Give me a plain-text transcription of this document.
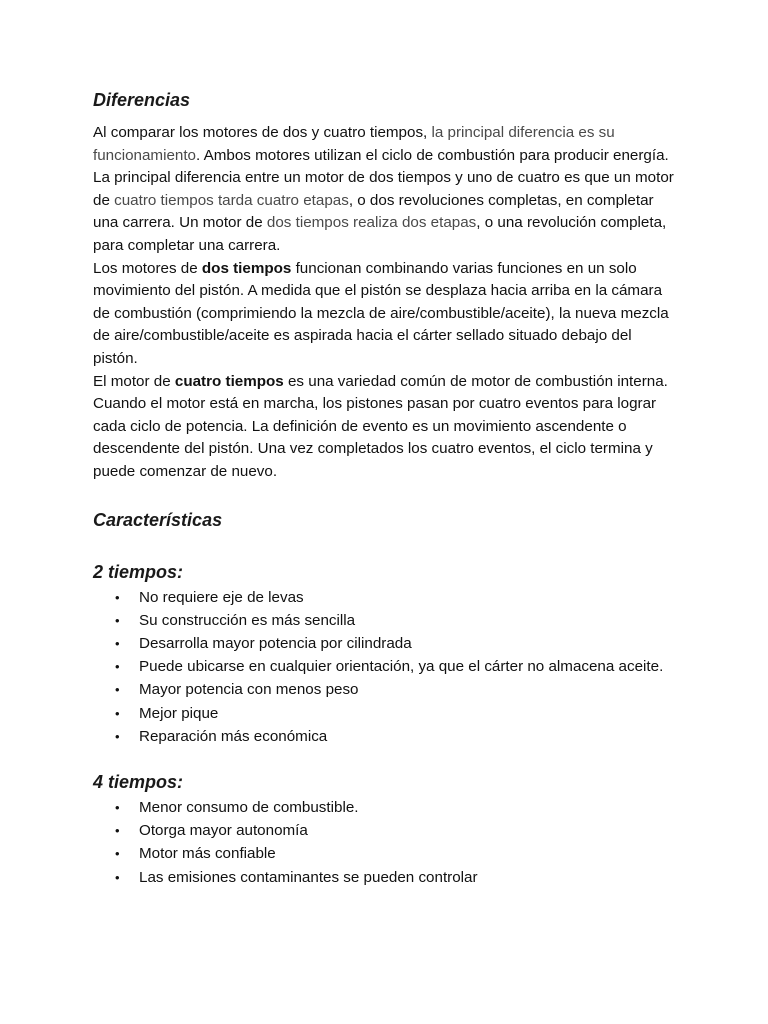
Diferencias

Al comparar los motores de dos y cuatro tiempos, la principal diferencia es su funcionamiento. Ambos motores utilizan el ciclo de combustión para producir energía.

La principal diferencia entre un motor de dos tiempos y uno de cuatro es que un motor de cuatro tiempos tarda cuatro etapas, o dos revoluciones completas, en completar una carrera. Un motor de dos tiempos realiza dos etapas, o una revolución completa, para completar una carrera.

Los motores de dos tiempos funcionan combinando varias funciones en un solo movimiento del pistón. A medida que el pistón se desplaza hacia arriba en la cámara de combustión (comprimiendo la mezcla de aire/combustible/aceite), la nueva mezcla de aire/combustible/aceite es aspirada hacia el cárter sellado situado debajo del pistón.

El motor de cuatro tiempos es una variedad común de motor de combustión interna. Cuando el motor está en marcha, los pistones pasan por cuatro eventos para lograr cada ciclo de potencia. La definición de evento es un movimiento ascendente o descendente del pistón. Una vez completados los cuatro eventos, el ciclo termina y puede comenzar de nuevo.

Características
2 tiempos:
• No requiere eje de levas
• Su construcción es más sencilla
• Desarrolla mayor potencia por cilindrada
• Puede ubicarse en cualquier orientación, ya que el cárter no almacena aceite.
• Mayor potencia con menos peso
• Mejor pique
• Reparación más económica
4 tiempos:
• Menor consumo de combustible.
• Otorga mayor autonomía
• Motor más confiable
• Las emisiones contaminantes se pueden controlar
